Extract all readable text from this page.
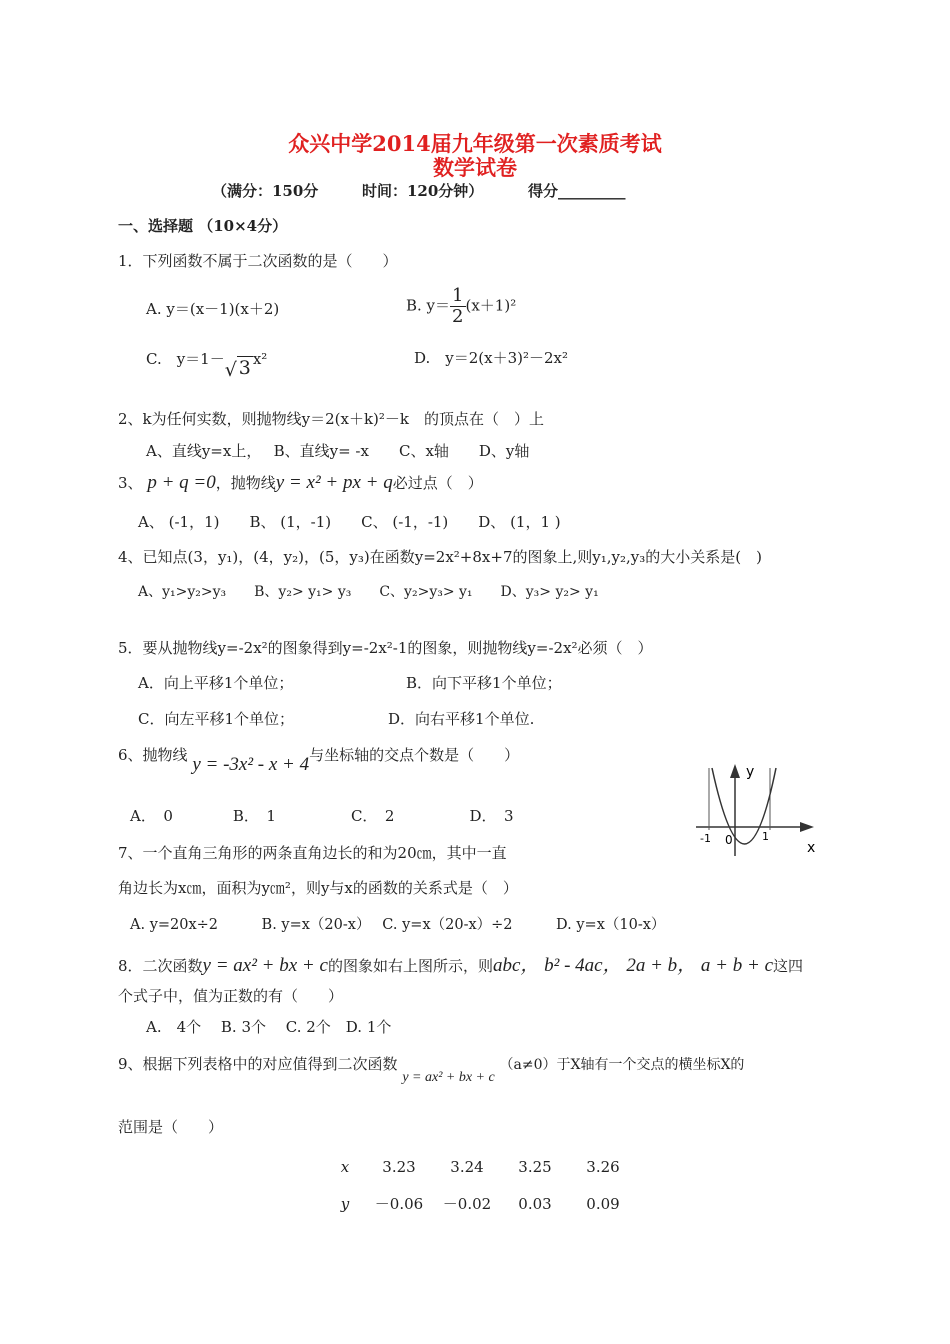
众兴中学2014届九年级第一次素质考试
数学试卷
（满分：150分	时间：120分钟）	得分_________
一、选择题 （10×4分）
1．下列函数不属于二次函数的是（　　）
A. y＝(x－1)(x＋2)	B. $y= \frac{1}{2} (x+1)^2$
C.　y＝1－ √ 3 x²	D.　y＝2(x＋3)²－2x²
2、k为任何实数，则抛物线y＝2(x＋k)²－k　的顶点在（　）上
A、直线y=x上，　 B、直线y= -x　　C、x轴　　D、y轴
3、 p + q =0，抛物线y = x² + px + q必过点（　）
A、 (-1，1)　　B、 (1，-1)　　C、 (-1，-1)　　D、 (1，1 )
4、已知点(3，y₁)，(4，y₂)，(5，y₃)在函数y=2x²+8x+7的图象上,则y₁,y₂,y₃的大小关系是(　)
A、y₁>y₂>y₃　　B、y₂> y₁> y₃　　C、y₂>y₃> y₁　　D、y₃> y₂> y₁
5．要从抛物线y=-2x²的图象得到y=-2x²-1的图象，则抛物线y=-2x²必须（　）
A．向上平移1个单位；	B．向下平移1个单位；
C．向左平移1个单位；	D．向右平移1个单位.
6、抛物线 y = -3x² - x + 4与坐标轴的交点个数是（　　）
A．　0　　　　B．　1　　　　　C．　2　　　　　D．　3
y
x
-1 0	1
7、一个直角三角形的两条直角边长的和为20㎝，其中一直
角边长为x㎝，面积为y㎝²，则y与x的函数的关系式是（　）
A. y=20x÷2　　　B. y=x（20-x）　 C. y=x（20-x）÷2　　　D. y=x（10-x）
8．二次函数y = ax² + bx + c的图象如右上图所示，则abc， b² - 4ac， 2a + b， a + b + c这四
个式子中，值为正数的有（　　）
A.　4个　 B. 3个　 C. 2个　D. 1个
9、根据下列表格中的对应值得到二次函数 y = ax² + bx + c （a≠0）于X轴有一个交点的横坐标X的
范围是（　　）
x	3.23	3.24	3.25	3.26
y	－0.06	－0.02	0.03	0.09
